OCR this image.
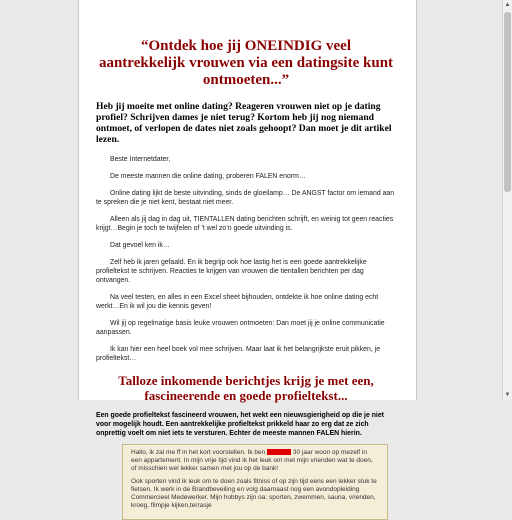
“Ontdek hoe jij ONEINDIG veel aantrekkelijk vrouwen via een datingsite kunt ontmoeten...”

Heb jij moeite met online dating? Reageren vrouwen niet op je dating profiel? Schrijven dames je niet terug? Kortom heb jij nog niemand ontmoet, of verlopen de dates niet zoals gehoopt? Dan moet je dit artikel lezen.

Beste Internetdater,

De meeste mannen die online dating, proberen FALEN enorm…

Online dating lijkt de beste uitvinding, sinds de gloeilamp… De ANGST factor om iemand aan te spreken die je niet kent, bestaat niet meer.

Alleen als jij dag in dag uit, TIENTALLEN dating berichten schrijft, en weinig tot geen reacties krijgt…Begin je toch te twijfelen of ’t wel zo’n goede uitvinding is.

Dat gevoel ken ik…

Zelf heb ik jaren gefaald. En ik begrijp ook hoe lastig het is een goede aantrekkelijke profieltekst te schrijven. Reacties te krijgen van vrouwen die tientallen berichten per dag ontvangen.

Na veel testen, en alles in een Excel sheet bijhouden, ontdekte ik hoe online dating echt werkt…En ik wil jou die kennis geven!

Wil jij op regelmatige basis leuke vrouwen ontmoeten: Dan moet jij je online communicatie aanpassen.

Ik kan hier een heel boek vol mee schrijven. Maar laat ik het belangrijkste eruit pikken, je profieltekst…

Talloze inkomende berichtjes krijg je met een, fascineerende en goede profieltekst...

Een goede profieltekst fascineerd vrouwen, het wekt een nieuwsgierigheid op die je niet voor mogelijk houdt. Een aantrekkelijke profieltekst prikkeld haar zo erg dat ze zich onprettig voelt om niet iets te versturen. Echter de meeste mannen FALEN hierin.

Hallo, ik zal me ff in het kort voorstellen. Ik ben	30 jaar woon op mezelf in een appartement. In mijn vrije tijd vind ik het leuk om met mijn vrienden wat te doen, of misschien wel lekker samen met jou op de bank!

Ook sporten vind ik leuk om te doen zoals fitniss of op zijn tijd eens een lekker stuk te fietsen. Ik werk in de Brandbeveiling en volg daarnaast nog een avondopleiding Commercieel Medewerker. Mijn hobbys zijn oa: sporten, zwemmen, sauna, vrienden, kroeg, filmpje kijken,terrasje

▲
▼
